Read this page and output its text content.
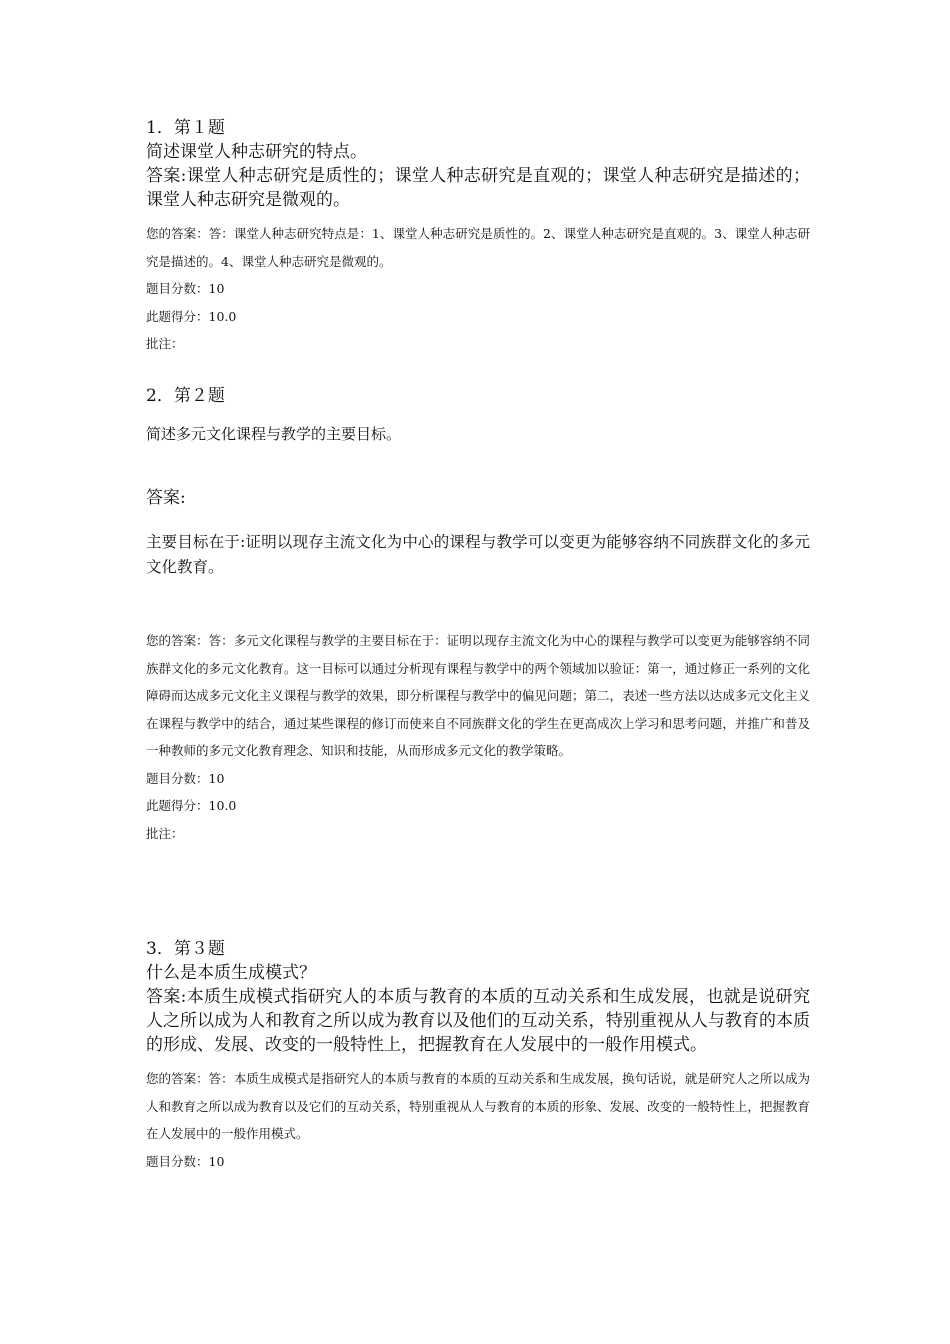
1．第１题

简述课堂人种志研究的特点。

答案:课堂人种志研究是质性的；课堂人种志研究是直观的；课堂人种志研究是描述的；课堂人种志研究是微观的。

您的答案：答：课堂人种志研究特点是：1、课堂人种志研究是质性的。2、课堂人种志研究是直观的。3、课堂人种志研究是描述的。4、课堂人种志研究是微观的。

题目分数：10

此题得分：10.0

批注：

2．第２题

简述多元文化课程与教学的主要目标。

答案:

主要目标在于:证明以现存主流文化为中心的课程与教学可以变更为能够容纳不同族群文化的多元文化教育。

您的答案：答：多元文化课程与教学的主要目标在于：证明以现存主流文化为中心的课程与教学可以变更为能够容纳不同族群文化的多元文化教育。这一目标可以通过分析现有课程与教学中的两个领域加以验证：第一，通过修正一系列的文化障碍而达成多元文化主义课程与教学的效果，即分析课程与教学中的偏见问题；第二，表述一些方法以达成多元文化主义在课程与教学中的结合，通过某些课程的修订而使来自不同族群文化的学生在更高成次上学习和思考问题，并推广和普及一种教师的多元文化教育理念、知识和技能，从而形成多元文化的教学策略。

题目分数：10

此题得分：10.0

批注：

3．第３题

什么是本质生成模式？

答案:本质生成模式指研究人的本质与教育的本质的互动关系和生成发展，也就是说研究人之所以成为人和教育之所以成为教育以及他们的互动关系，特别重视从人与教育的本质的形成、发展、改变的一般特性上，把握教育在人发展中的一般作用模式。

您的答案：答：本质生成模式是指研究人的本质与教育的本质的互动关系和生成发展，换句话说，就是研究人之所以成为人和教育之所以成为教育以及它们的互动关系，特别重视从人与教育的本质的形象、发展、改变的一般特性上，把握教育在人发展中的一般作用模式。

题目分数：10
